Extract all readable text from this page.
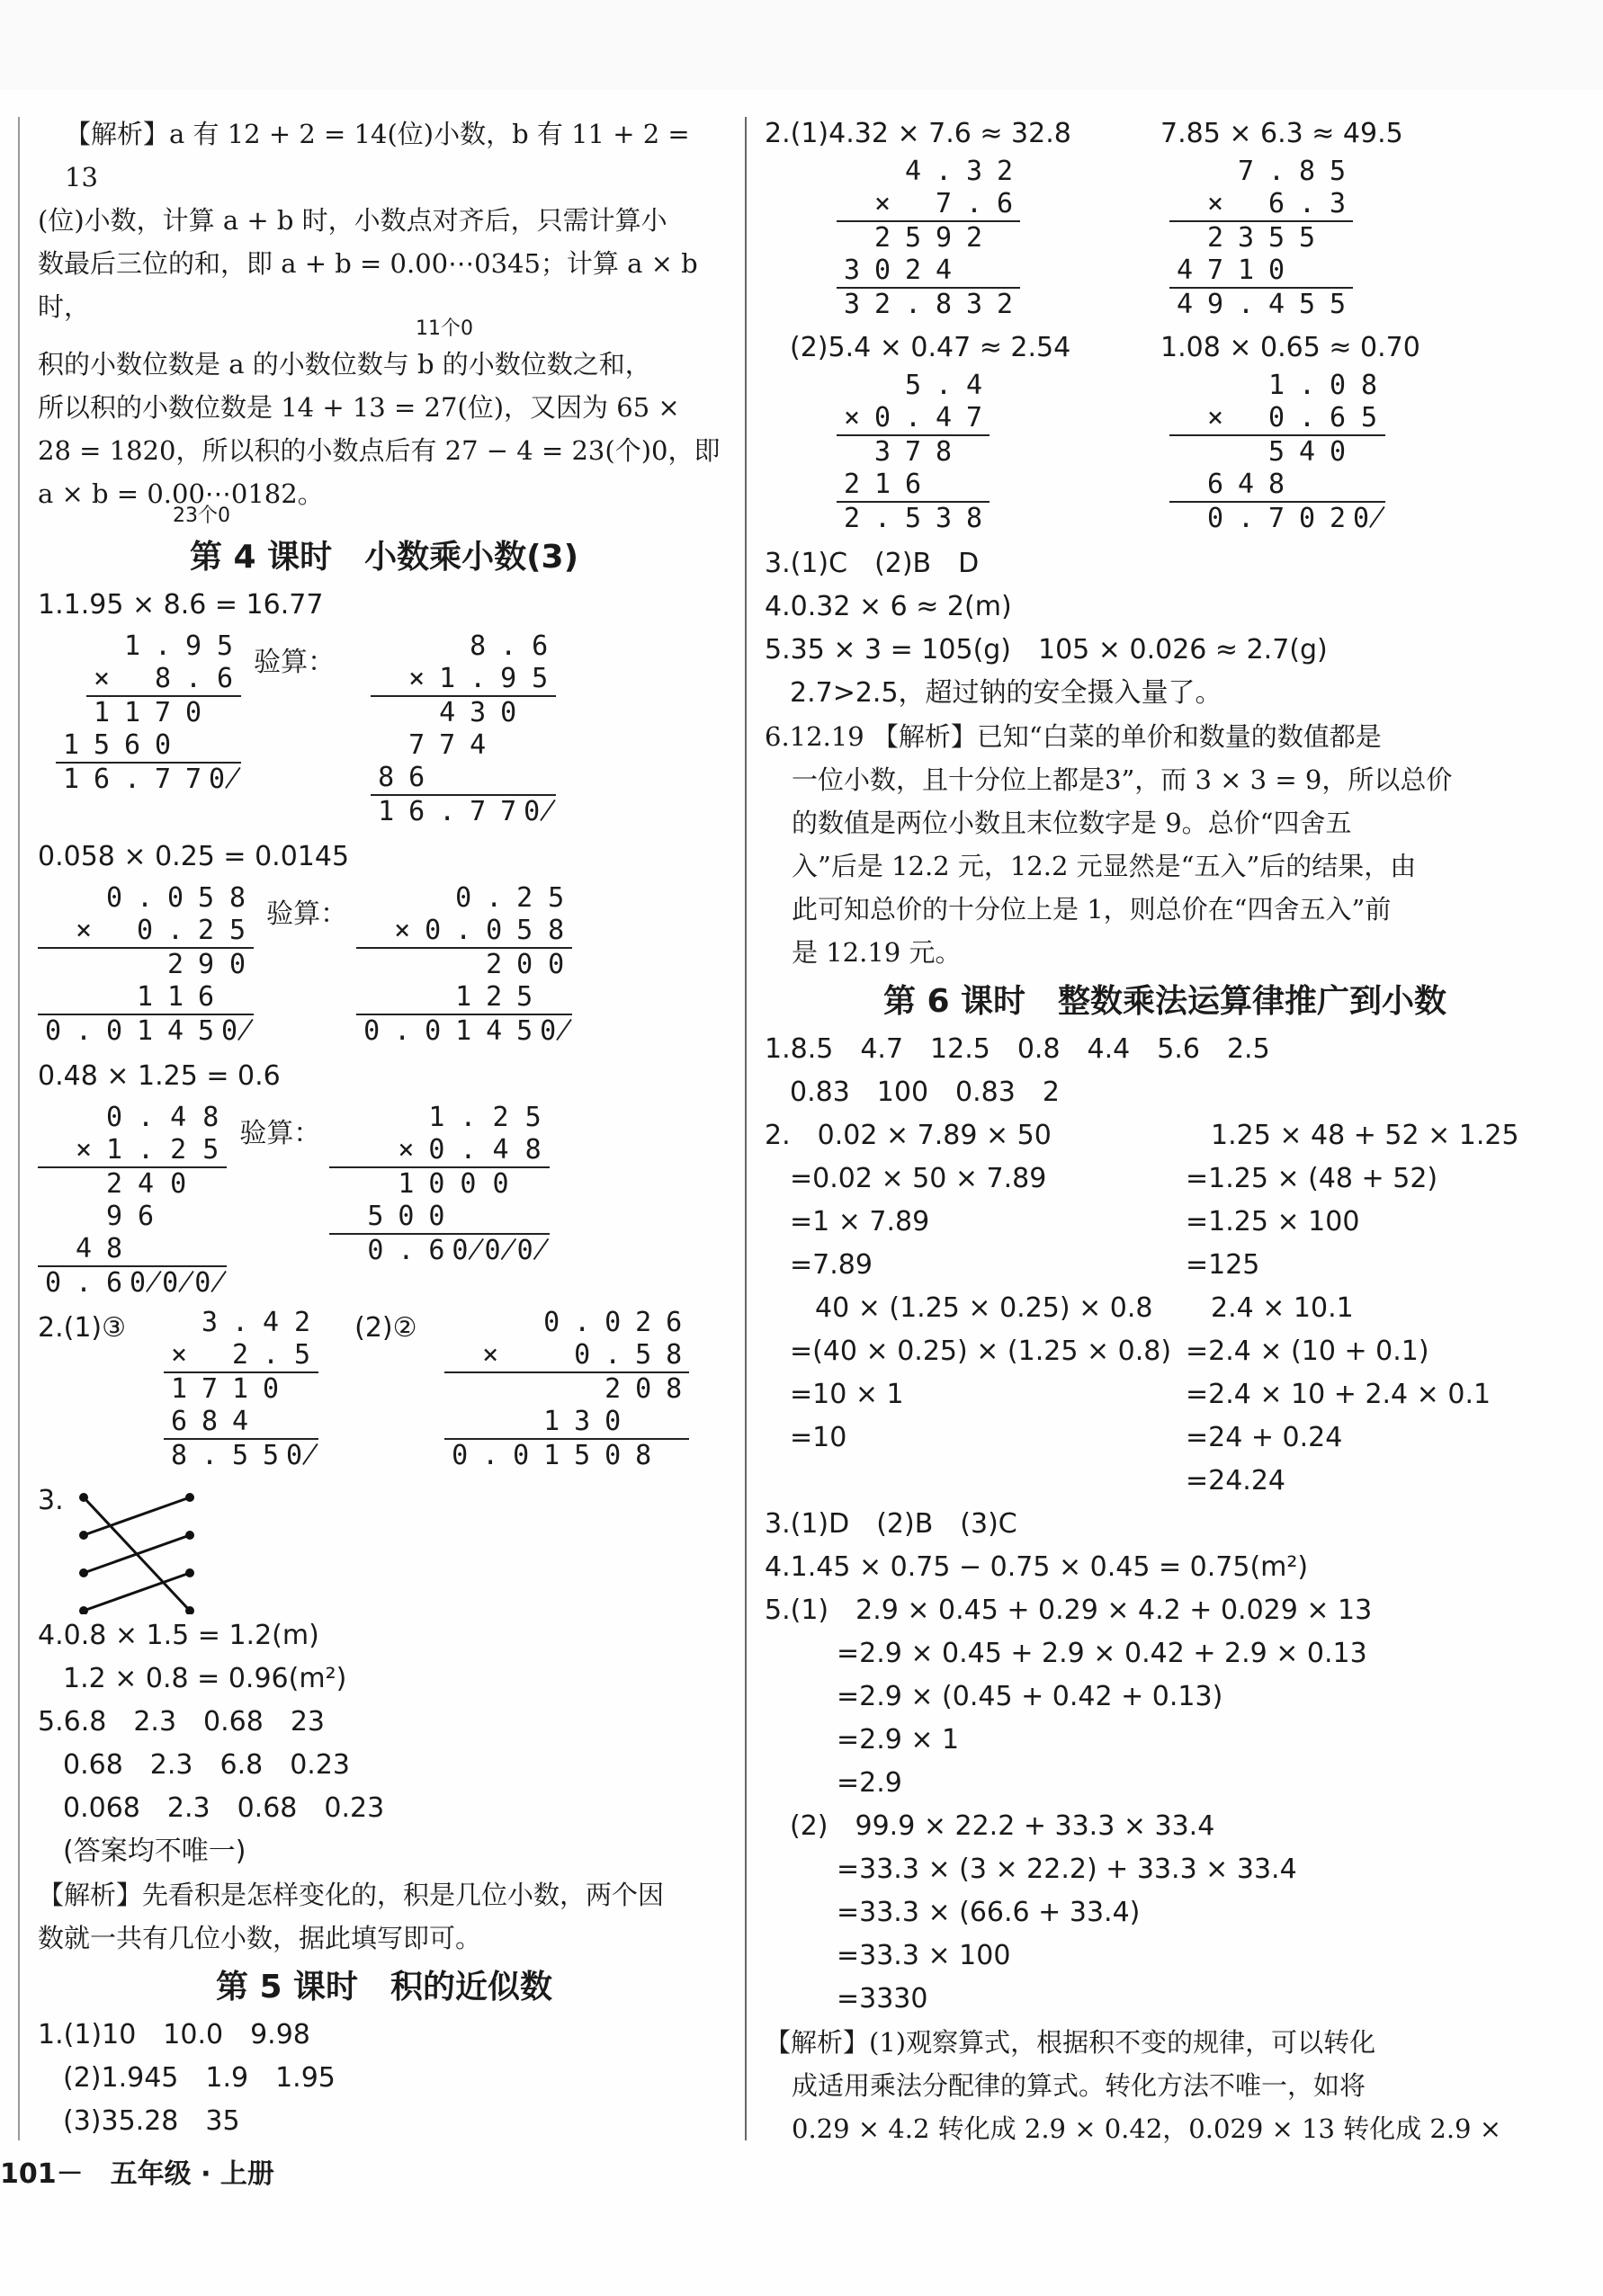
【解析】a 有 12 + 2 = 14(位)小数，b 有 11 + 2 = 13

(位)小数，计算 a + b 时，小数点对齐后，只需计算小

数最后三位的和，即 a + b = 0.00⋯0345；计算 a × b 时，

11个0

积的小数位数是 a 的小数位数与 b 的小数位数之和，

所以积的小数位数是 14 + 13 = 27(位)，又因为 65 ×

28 = 1820，所以积的小数点后有 27 − 4 = 23(个)0，即

a × b = 0.00⋯0182。

23个0
第 4 课时　小数乘小数(3)

1.1.95 × 8.6 = 16.77

		1	.	9	5
	×		8	.	6
	1	1	7	0	
1	5	6	0		
1	6	.	7	7	0̸
验算：
			8	.	6
	×	1	.	9	5
		4	3	0	
	7	7	4		
8	6				
1	6	.	7	7	0̸

0.058 × 0.25 = 0.0145

		0	.	0	5	8
	×		0	.	2	5
				2	9	0
			1	1	6	
0	.	0	1	4	5	0̸
验算：
			0	.	2	5
	×	0	.	0	5	8
				2	0	0
			1	2	5	
0	.	0	1	4	5	0̸

0.48 × 1.25 = 0.6

		0	.	4	8
	×	1	.	2	5
		2	4	0	
		9	6		
	4	8			
0	.	6	0̸	0̸	0̸
验算：
			1	.	2	5
		×	0	.	4	8
		1	0	0	0	
	5	0	0			
	0	.	6	0̸	0̸	0̸
2.(1)③
		3	.	4	2
×		2	.	5
1	7	1	0	
6	8	4		
8	.	5	5	0̸
(2)②
				0	.	0	2	6
	×			0	.	5	8
					2	0	8
			1	3	0		
0	.	0	1	5	0	8	
3.

4.0.8 × 1.5 = 1.2(m)

1.2 × 0.8 = 0.96(m²)

5.6.8　2.3　0.68　23

0.68　2.3　6.8　0.23

0.068　2.3　0.68　0.23

(答案均不唯一)

【解析】先看积是怎样变化的，积是几位小数，两个因

数就一共有几位小数，据此填写即可。

第 5 课时　积的近似数

1.(1)10　10.0　9.98

(2)1.945　1.9　1.95

(3)35.28　35

2.(1)4.32 × 7.6 ≈ 32.8

		4	.	3	2
	×		7	.	6
	2	5	9	2	
3	0	2	4		
3	2	.	8	3	2

7.85 × 6.3 ≈ 49.5

		7	.	8	5
	×		6	.	3
	2	3	5	5	
4	7	1	0		
4	9	.	4	5	5

(2)5.4 × 0.47 ≈ 2.54

		5	.	4
×	0	.	4	7
	3	7	8	
2	1	6		
2	.	5	3	8

1.08 × 0.65 ≈ 0.70

			1	.	0	8
	×		0	.	6	5
			5	4	0	
	6	4	8			
	0	.	7	0	2	0̸

3.(1)C　(2)B　D

4.0.32 × 6 ≈ 2(m)

5.35 × 3 = 105(g)　105 × 0.026 ≈ 2.7(g)

2.7>2.5，超过钠的安全摄入量了。

6.12.19 【解析】已知“白菜的单价和数量的数值都是

一位小数，且十分位上都是3”，而 3 × 3 = 9，所以总价

的数值是两位小数且末位数字是 9。总价“四舍五

入”后是 12.2 元，12.2 元显然是“五入”后的结果，由

此可知总价的十分位上是 1，则总价在“四舍五入”前

是 12.19 元。

第 6 课时　整数乘法运算律推广到小数

1.8.5　4.7　12.5　0.8　4.4　5.6　2.5

0.83　100　0.83　2

2.　0.02 × 7.89 × 50

=0.02 × 50 × 7.89

=1 × 7.89

=7.89

40 × (1.25 × 0.25) × 0.8

=(40 × 0.25) × (1.25 × 0.8)

=10 × 1

=10

1.25 × 48 + 52 × 1.25

=1.25 × (48 + 52)

=1.25 × 100

=125

2.4 × 10.1

=2.4 × (10 + 0.1)

=2.4 × 10 + 2.4 × 0.1

=24 + 0.24

=24.24

3.(1)D　(2)B　(3)C

4.1.45 × 0.75 − 0.75 × 0.45 = 0.75(m²)

5.(1)　2.9 × 0.45 + 0.29 × 4.2 + 0.029 × 13

=2.9 × 0.45 + 2.9 × 0.42 + 2.9 × 0.13

=2.9 × (0.45 + 0.42 + 0.13)

=2.9 × 1

=2.9

(2)　99.9 × 22.2 + 33.3 × 33.4

=33.3 × (3 × 22.2) + 33.3 × 33.4

=33.3 × (66.6 + 33.4)

=33.3 × 100

=3330

【解析】(1)观察算式，根据积不变的规律，可以转化

成适用乘法分配律的算式。转化方法不唯一，如将

0.29 × 4.2 转化成 2.9 × 0.42，0.029 × 13 转化成 2.9 ×

101－　五年级 · 上册
